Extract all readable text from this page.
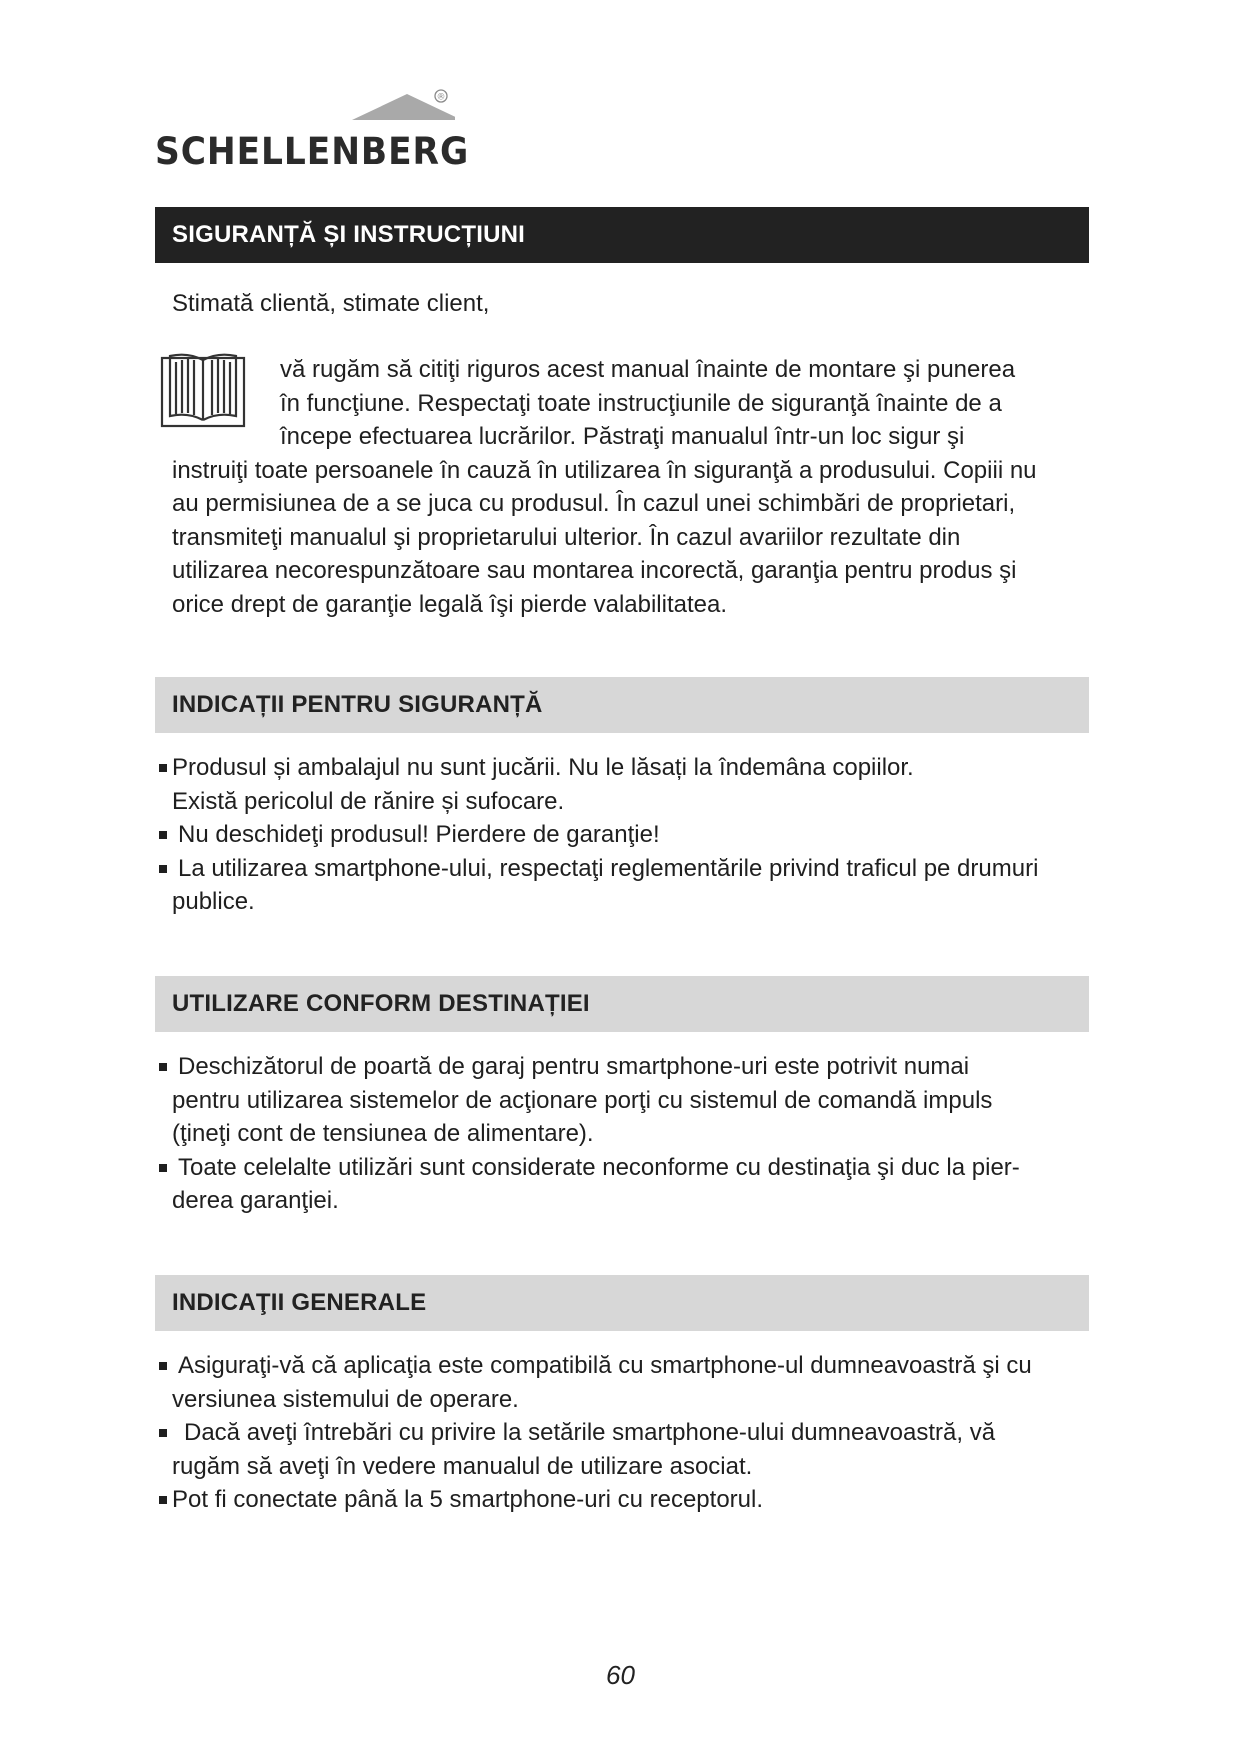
®
SCHELLENBERG
SIGURANȚĂ ȘI INSTRUCȚIUNI
Stimată clientă, stimate client,
vă rugăm să citiţi riguros acest manual înainte de montare şi punerea
în funcţiune. Respectaţi toate instrucţiunile de siguranţă înainte de a
începe efectuarea lucrărilor. Păstraţi manualul într-un loc sigur şi
instruiţi toate persoanele în cauză în utilizarea în siguranţă a produsului. Copiii nu
au permisiunea de a se juca cu produsul. În cazul unei schimbări de proprietari,
transmiteţi manualul şi proprietarului ulterior. În cazul avariilor rezultate din
utilizarea necorespunzătoare sau montarea incorectă, garanţia pentru produs şi
orice drept de garanţie legală îşi pierde valabilitatea.
INDICAȚII PENTRU SIGURANȚĂ
Produsul și ambalajul nu sunt jucării. Nu le lăsați la îndemâna copiilor.
Există pericolul de rănire și sufocare.
Nu deschideţi produsul! Pierdere de garanţie!
La utilizarea smartphone-ului, respectaţi reglementările privind traficul pe drumuri
publice.
UTILIZARE CONFORM DESTINAȚIEI
Deschizătorul de poartă de garaj pentru smartphone-uri este potrivit numai
pentru utilizarea sistemelor de acţionare porţi cu sistemul de comandă impuls
(ţineţi cont de tensiunea de alimentare).
Toate celelalte utilizări sunt considerate neconforme cu destinaţia şi duc la pier-
derea garanţiei.
INDICAŢII GENERALE
Asiguraţi-vă că aplicaţia este compatibilă cu smartphone-ul dumneavoastră şi cu
versiunea sistemului de operare.
Dacă aveţi întrebări cu privire la setările smartphone-ului dumneavoastră, vă
rugăm să aveţi în vedere manualul de utilizare asociat.
Pot fi conectate până la 5 smartphone-uri cu receptorul.
60
